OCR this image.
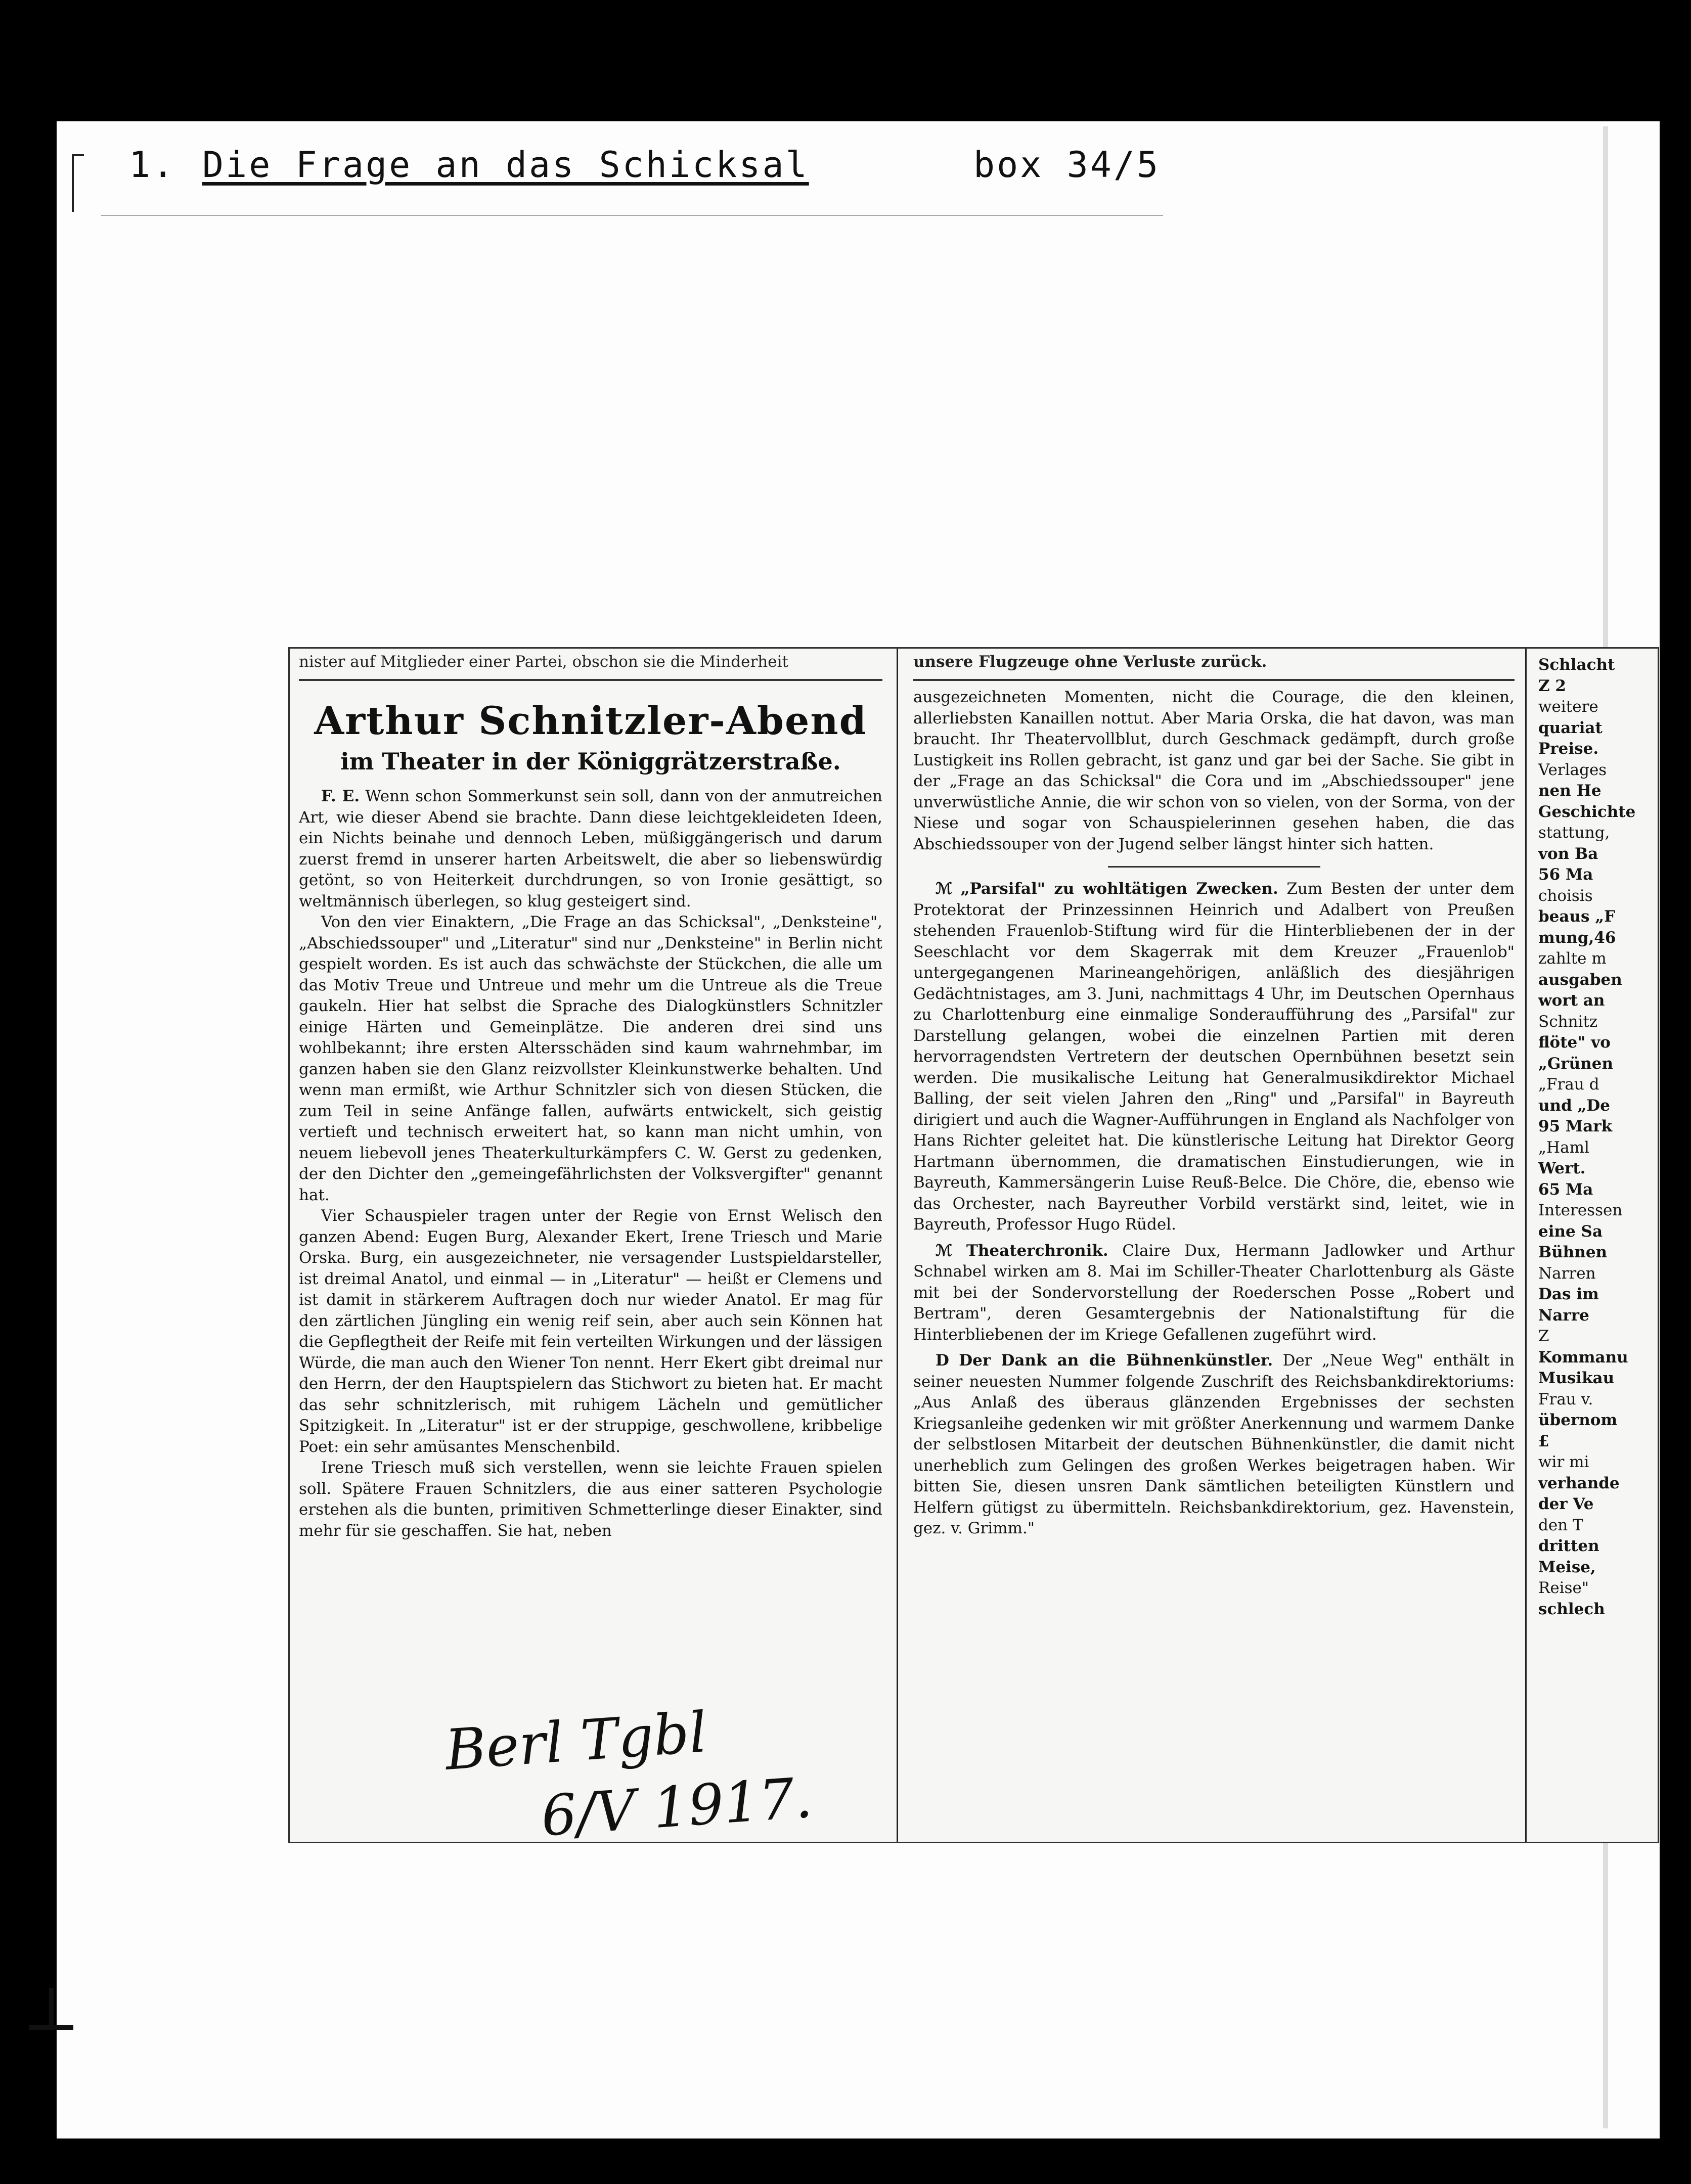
1. Die Frage an das Schicksal	box 34/5

nister auf Mitglieder einer Partei, obschon sie die Minderheit

Arthur Schnitzler-Abend
im Theater in der Königgrätzerstraße.

F. E. Wenn schon Sommerkunst sein soll, dann von der anmutreichen Art, wie dieser Abend sie brachte. Dann diese leichtgekleideten Ideen, ein Nichts beinahe und dennoch Leben, müßiggängerisch und darum zuerst fremd in unserer harten Arbeitswelt, die aber so liebenswürdig getönt, so von Heiterkeit durchdrungen, so von Ironie gesättigt, so weltmännisch überlegen, so klug gesteigert sind.

Von den vier Einaktern, „Die Frage an das Schicksal", „Denksteine", „Abschiedssouper" und „Literatur" sind nur „Denksteine" in Berlin nicht gespielt worden. Es ist auch das schwächste der Stückchen, die alle um das Motiv Treue und Untreue und mehr um die Untreue als die Treue gaukeln. Hier hat selbst die Sprache des Dialogkünstlers Schnitzler einige Härten und Gemeinplätze. Die anderen drei sind uns wohlbekannt; ihre ersten Altersschäden sind kaum wahrnehmbar, im ganzen haben sie den Glanz reizvollster Kleinkunstwerke behalten. Und wenn man ermißt, wie Arthur Schnitzler sich von diesen Stücken, die zum Teil in seine Anfänge fallen, aufwärts entwickelt, sich geistig vertieft und technisch erweitert hat, so kann man nicht umhin, von neuem liebevoll jenes Theaterkulturkämpfers C. W. Gerst zu gedenken, der den Dichter den „gemeingefährlichsten der Volksvergifter" genannt hat.

Vier Schauspieler tragen unter der Regie von Ernst Welisch den ganzen Abend: Eugen Burg, Alexander Ekert, Irene Triesch und Marie Orska. Burg, ein ausgezeichneter, nie versagender Lustspieldarsteller, ist dreimal Anatol, und einmal — in „Literatur" — heißt er Clemens und ist damit in stärkerem Auftragen doch nur wieder Anatol. Er mag für den zärtlichen Jüngling ein wenig reif sein, aber auch sein Können hat die Gepflegtheit der Reife mit fein verteilten Wirkungen und der lässigen Würde, die man auch den Wiener Ton nennt. Herr Ekert gibt dreimal nur den Herrn, der den Hauptspielern das Stichwort zu bieten hat. Er macht das sehr schnitzlerisch, mit ruhigem Lächeln und gemütlicher Spitzigkeit. In „Literatur" ist er der struppige, geschwollene, kribbelige Poet: ein sehr amüsantes Menschenbild.

Irene Triesch muß sich verstellen, wenn sie leichte Frauen spielen soll. Spätere Frauen Schnitzlers, die aus einer satteren Psychologie erstehen als die bunten, primitiven Schmetterlinge dieser Einakter, sind mehr für sie geschaffen. Sie hat, neben

unsere Flugzeuge ohne Verluste zurück.

ausgezeichneten Momenten, nicht die Courage, die den kleinen, allerliebsten Kanaillen nottut. Aber Maria Orska, die hat davon, was man braucht. Ihr Theatervollblut, durch Geschmack gedämpft, durch große Lustigkeit ins Rollen gebracht, ist ganz und gar bei der Sache. Sie gibt in der „Frage an das Schicksal" die Cora und im „Abschiedssouper" jene unverwüstliche Annie, die wir schon von so vielen, von der Sorma, von der Niese und sogar von Schauspielerinnen gesehen haben, die das Abschiedssouper von der Jugend selber längst hinter sich hatten.

ℳ „Parsifal" zu wohltätigen Zwecken. Zum Besten der unter dem Protektorat der Prinzessinnen Heinrich und Adalbert von Preußen stehenden Frauenlob-Stiftung wird für die Hinterbliebenen der in der Seeschlacht vor dem Skagerrak mit dem Kreuzer „Frauenlob" untergegangenen Marineangehörigen, anläßlich des diesjährigen Gedächtnistages, am 3. Juni, nachmittags 4 Uhr, im Deutschen Opernhaus zu Charlottenburg eine einmalige Sonderaufführung des „Parsifal" zur Darstellung gelangen, wobei die einzelnen Partien mit deren hervorragendsten Vertretern der deutschen Opernbühnen besetzt sein werden. Die musikalische Leitung hat Generalmusikdirektor Michael Balling, der seit vielen Jahren den „Ring" und „Parsifal" in Bayreuth dirigiert und auch die Wagner-Aufführungen in England als Nachfolger von Hans Richter geleitet hat. Die künstlerische Leitung hat Direktor Georg Hartmann übernommen, die dramatischen Einstudierungen, wie in Bayreuth, Kammersängerin Luise Reuß-Belce. Die Chöre, die, ebenso wie das Orchester, nach Bayreuther Vorbild verstärkt sind, leitet, wie in Bayreuth, Professor Hugo Rüdel.

ℳ Theaterchronik. Claire Dux, Hermann Jadlowker und Arthur Schnabel wirken am 8. Mai im Schiller-Theater Charlottenburg als Gäste mit bei der Sondervorstellung der Roederschen Posse „Robert und Bertram", deren Gesamtergebnis der Nationalstiftung für die Hinterbliebenen der im Kriege Gefallenen zugeführt wird.

D Der Dank an die Bühnenkünstler. Der „Neue Weg" enthält in seiner neuesten Nummer folgende Zuschrift des Reichsbankdirektoriums: „Aus Anlaß des überaus glänzenden Ergebnisses der sechsten Kriegsanleihe gedenken wir mit größter Anerkennung und warmem Danke der selbstlosen Mitarbeit der deutschen Bühnenkünstler, die damit nicht unerheblich zum Gelingen des großen Werkes beigetragen haben. Wir bitten Sie, diesen unsren Dank sämtlichen beteiligten Künstlern und Helfern gütigst zu übermitteln. Reichsbankdirektorium, gez. Havenstein, gez. v. Grimm."

Schlacht
Z 2
weitere
quariat
Preise.
Verlages
nen He
Geschichte
stattung,
von Ba
56 Ma
choisis
beaus „F
mung,46
zahlte m
ausgaben
wort an
Schnitz
flöte" vo
„Grünen
„Frau d
und „De
95 Mark
„Haml
Wert.
65 Ma
Interessen
eine Sa
Bühnen
Narren
Das im
Narre
Z
Kommanu
Musikau
Frau v.
übernom
£
wir mi
verhande
der Ve
den T
dritten
Meise,
Reise"
schlech
Berl Tgbl
6/V 1917.
⊥
